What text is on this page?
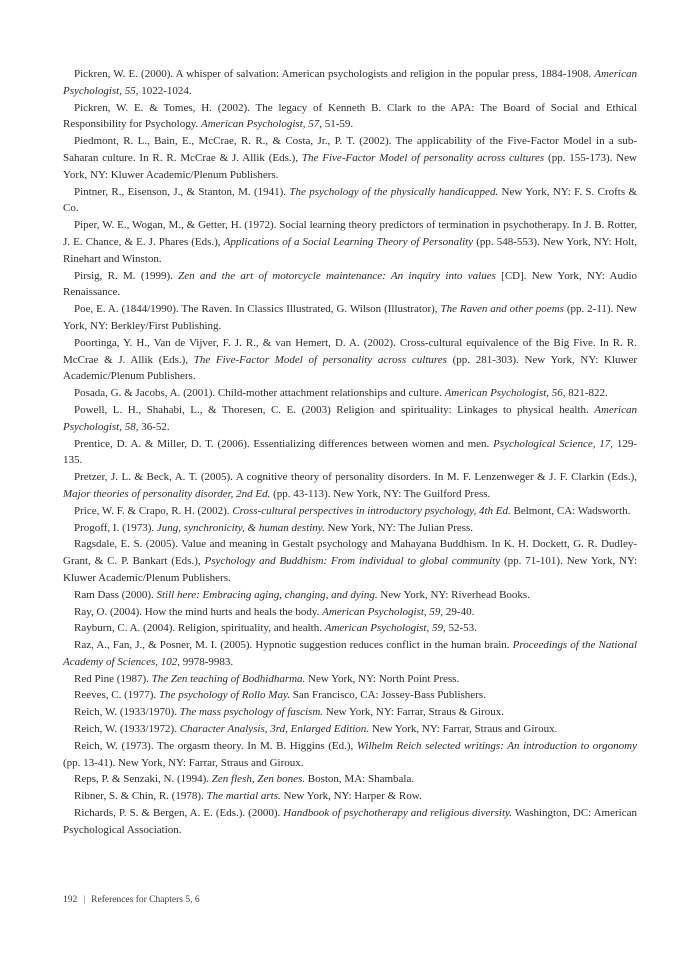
Pickren, W. E. (2000). A whisper of salvation: American psychologists and religion in the popular press, 1884-1908. American Psychologist, 55, 1022-1024.

Pickren, W. E. & Tomes, H. (2002). The legacy of Kenneth B. Clark to the APA: The Board of Social and Ethical Responsibility for Psychology. American Psychologist, 57, 51-59.

Piedmont, R. L., Bain, E., McCrae, R. R., & Costa, Jr., P. T. (2002). The applicability of the Five-Factor Model in a sub-Saharan culture. In R. R. McCrae & J. Allik (Eds.), The Five-Factor Model of personality across cultures (pp. 155-173). New York, NY: Kluwer Academic/Plenum Publishers.

Pintner, R., Eisenson, J., & Stanton, M. (1941). The psychology of the physically handicapped. New York, NY: F. S. Crofts & Co.

Piper, W. E., Wogan, M., & Getter, H. (1972). Social learning theory predictors of termination in psychotherapy. In J. B. Rotter, J. E. Chance, & E. J. Phares (Eds.), Applications of a Social Learning Theory of Personality (pp. 548-553). New York, NY: Holt, Rinehart and Winston.

Pirsig, R. M. (1999). Zen and the art of motorcycle maintenance: An inquiry into values [CD]. New York, NY: Audio Renaissance.

Poe, E. A. (1844/1990). The Raven. In Classics Illustrated, G. Wilson (Illustrator), The Raven and other poems (pp. 2-11). New York, NY: Berkley/First Publishing.

Poortinga, Y. H., Van de Vijver, F. J. R., & van Hemert, D. A. (2002). Cross-cultural equivalence of the Big Five. In R. R. McCrae & J. Allik (Eds.), The Five-Factor Model of personality across cultures (pp. 281-303). New York, NY: Kluwer Academic/Plenum Publishers.

Posada, G. & Jacobs, A. (2001). Child-mother attachment relationships and culture. American Psychologist, 56, 821-822.

Powell, L. H., Shahabi, L., & Thoresen, C. E. (2003) Religion and spirituality: Linkages to physical health. American Psychologist, 58, 36-52.

Prentice, D. A. & Miller, D. T. (2006). Essentializing differences between women and men. Psychological Science, 17, 129-135.

Pretzer, J. L. & Beck, A. T. (2005). A cognitive theory of personality disorders. In M. F. Lenzenweger & J. F. Clarkin (Eds.), Major theories of personality disorder, 2nd Ed. (pp. 43-113). New York, NY: The Guilford Press.

Price, W. F. & Crapo, R. H. (2002). Cross-cultural perspectives in introductory psychology, 4th Ed. Belmont, CA: Wadsworth.

Progoff, I. (1973). Jung, synchronicity, & human destiny. New York, NY: The Julian Press.

Ragsdale, E. S. (2005). Value and meaning in Gestalt psychology and Mahayana Buddhism. In K. H. Dockett, G. R. Dudley-Grant, & C. P. Bankart (Eds.), Psychology and Buddhism: From individual to global community (pp. 71-101). New York, NY: Kluwer Academic/Plenum Publishers.

Ram Dass (2000). Still here: Embracing aging, changing, and dying. New York, NY: Riverhead Books.

Ray, O. (2004). How the mind hurts and heals the body. American Psychologist, 59, 29-40.

Rayburn, C. A. (2004). Religion, spirituality, and health. American Psychologist, 59, 52-53.

Raz, A., Fan, J., & Posner, M. I. (2005). Hypnotic suggestion reduces conflict in the human brain. Proceedings of the National Academy of Sciences, 102, 9978-9983.

Red Pine (1987). The Zen teaching of Bodhidharma. New York, NY: North Point Press.

Reeves, C. (1977). The psychology of Rollo May. San Francisco, CA: Jossey-Bass Publishers.

Reich, W. (1933/1970). The mass psychology of fascism. New York, NY: Farrar, Straus & Giroux.

Reich, W. (1933/1972). Character Analysis, 3rd, Enlarged Edition. New York, NY: Farrar, Straus and Giroux.

Reich, W. (1973). The orgasm theory. In M. B. Higgins (Ed.), Wilhelm Reich selected writings: An introduction to orgonomy (pp. 13-41). New York, NY: Farrar, Straus and Giroux.

Reps, P. & Senzaki, N. (1994). Zen flesh, Zen bones. Boston, MA: Shambala.

Ribner, S. & Chin, R. (1978). The martial arts. New York, NY: Harper & Row.

Richards, P. S. & Bergen, A. E. (Eds.). (2000). Handbook of psychotherapy and religious diversity. Washington, DC: American Psychological Association.

192 | References for Chapters 5, 6
